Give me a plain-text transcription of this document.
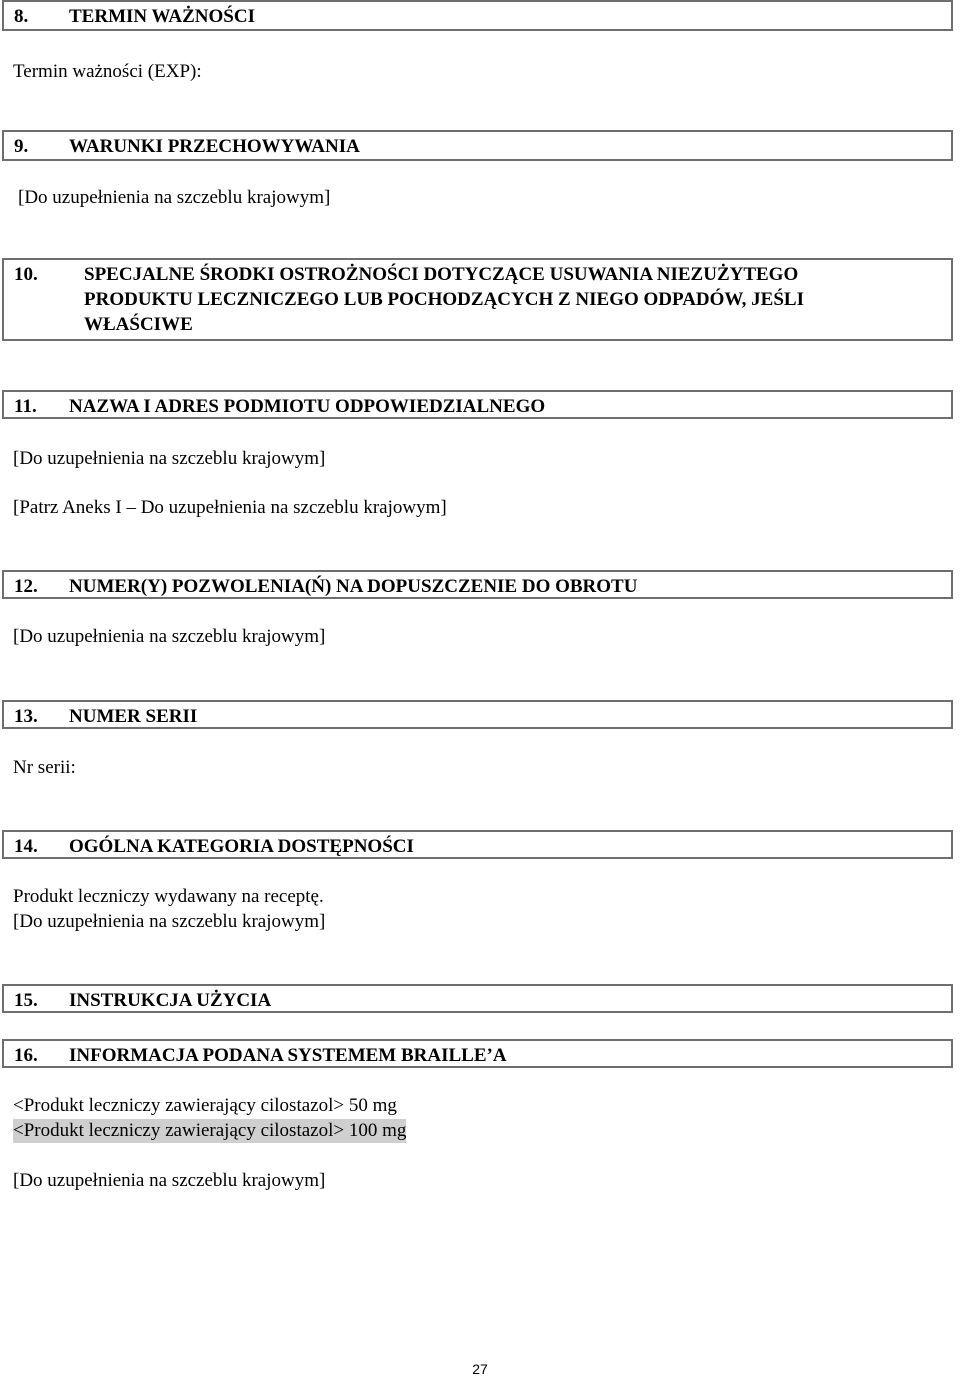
8. TERMIN WAŻNOŚCI
Termin ważności (EXP):
9. WARUNKI PRZECHOWYWANIA
[Do uzupełnienia na szczeblu krajowym]
10. SPECJALNE ŚRODKI OSTROŻNOŚCI DOTYCZĄCE USUWANIA NIEZUŻYTEGO PRODUKTU LECZNICZEGO LUB POCHODZĄCYCH Z NIEGO ODPADÓW, JEŚLI WŁAŚCIWE
11. NAZWA I ADRES PODMIOTU ODPOWIEDZIALNEGO
[Do uzupełnienia na szczeblu krajowym]
[Patrz Aneks I – Do uzupełnienia na szczeblu krajowym]
12. NUMER(Y) POZWOLENIA(Ń) NA DOPUSZCZENIE DO OBROTU
[Do uzupełnienia na szczeblu krajowym]
13. NUMER SERII
Nr serii:
14. OGÓLNA KATEGORIA DOSTĘPNOŚCI
Produkt leczniczy wydawany na receptę.
[Do uzupełnienia na szczeblu krajowym]
15. INSTRUKCJA UŻYCIA
16. INFORMACJA PODANA SYSTEMEM BRAILLE’A
<Produkt leczniczy zawierający cilostazol> 50 mg
<Produkt leczniczy zawierający cilostazol> 100 mg
[Do uzupełnienia na szczeblu krajowym]
27
